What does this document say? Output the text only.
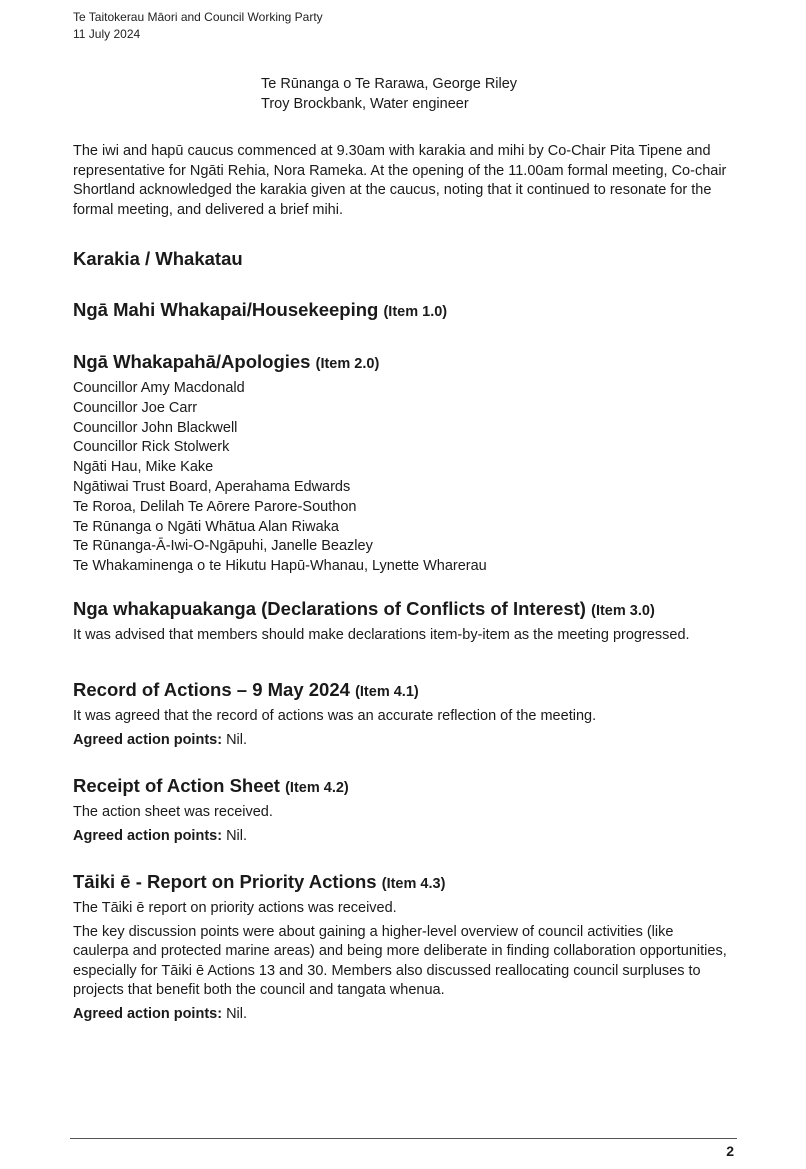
Te Taitokerau Māori and Council Working Party
11 July 2024
Te Rūnanga o Te Rarawa, George Riley
Troy Brockbank, Water engineer

The iwi and hapū caucus commenced at 9.30am with karakia and mihi by Co-Chair Pita Tipene and representative for Ngāti Rehia, Nora Rameka. At the opening of the 11.00am formal meeting, Co-chair Shortland acknowledged the karakia given at the caucus, noting that it continued to resonate for the formal meeting, and delivered a brief mihi.

Karakia / Whakatau
Ngā Mahi Whakapai/Housekeeping (Item 1.0)
Ngā Whakapahā/Apologies (Item 2.0)
Councillor Amy Macdonald
Councillor Joe Carr
Councillor John Blackwell
Councillor Rick Stolwerk
Ngāti Hau, Mike Kake
Ngātiwai Trust Board, Aperahama Edwards
Te Roroa, Delilah Te Aōrere Parore-Southon
Te Rūnanga o Ngāti Whātua Alan Riwaka
Te Rūnanga-Ā-Iwi-O-Ngāpuhi, Janelle Beazley
Te Whakaminenga o te Hikutu Hapū-Whanau, Lynette Wharerau
Nga whakapuakanga (Declarations of Conflicts of Interest) (Item 3.0)

It was advised that members should make declarations item-by-item as the meeting progressed.

Record of Actions – 9 May 2024 (Item 4.1)

It was agreed that the record of actions was an accurate reflection of the meeting.

Agreed action points: Nil.

Receipt of Action Sheet (Item 4.2)

The action sheet was received.

Agreed action points: Nil.

Tāiki ē - Report on Priority Actions (Item 4.3)

The Tāiki ē report on priority actions was received.

The key discussion points were about gaining a higher-level overview of council activities (like caulerpa and protected marine areas) and being more deliberate in finding collaboration opportunities, especially for Tāiki ē Actions 13 and 30. Members also discussed reallocating council surpluses to projects that benefit both the council and tangata whenua.

Agreed action points: Nil.

2
